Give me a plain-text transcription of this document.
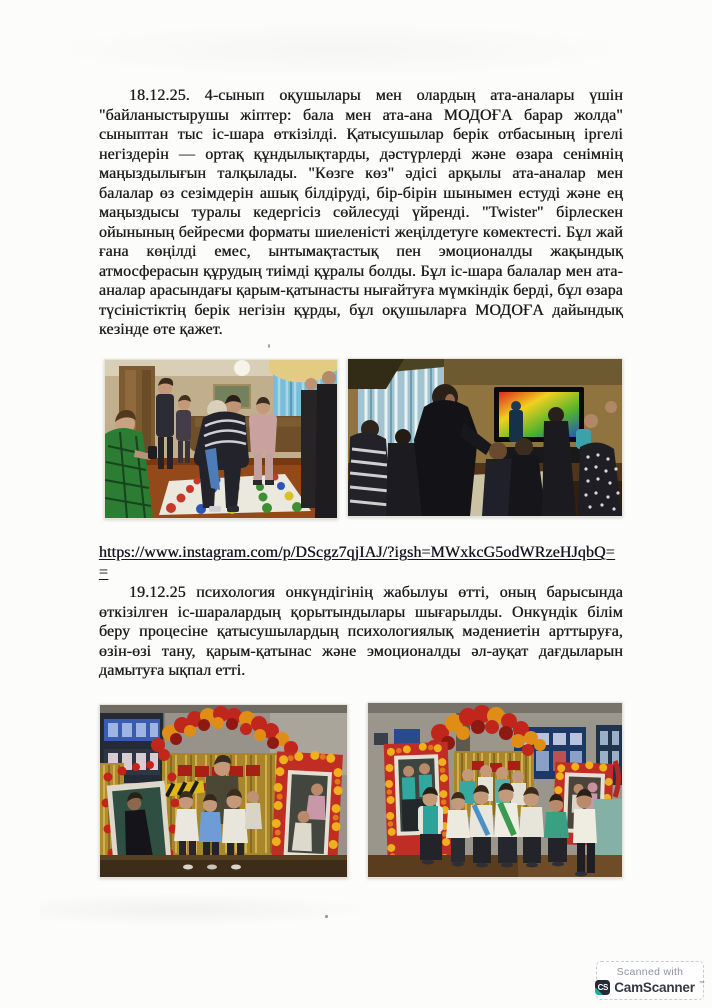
18.12.25. 4-сынып оқушылары мен олардың ата-аналары үшін "байланыстырушы жіптер: бала мен ата-ана МОДОҒА барар жолда" сыныптан тыс іс-шара өткізілді. Қатысушылар берік отбасының іргелі негіздерін — ортақ құндылықтарды, дәстүрлерді және өзара сенімнің маңыздылығын талқылады. "Көзге көз" әдісі арқылы ата-аналар мен балалар өз сезімдерін ашық білдіруді, бір-бірін шынымен естуді және ең маңыздысы туралы кедергісіз сөйлесуді үйренді. "Twister" бірлескен ойынының бейресми форматы шиеленісті жеңілдетуге көмектесті. Бұл жай ғана көңілді емес, ынтымақтастық пен эмоционалды жақындық атмосферасын құрудың тиімді құралы болды. Бұл іс-шара балалар мен ата-аналар арасындағы қарым-қатынасты нығайтуға мүмкіндік берді, бұл өзара түсіністіктің берік негізін құрды, бұл оқушыларға МОДОҒА дайындық кезінде өте қажет.

https://www.instagram.com/p/DScgz7qjIAJ/?igsh=MWxkcG5odWRzeHJqbQ==

19.12.25 психология онкүндігінің жабылуы өтті, оның барысында өткізілген іс-шаралардың қорытындылары шығарылды. Онкүндік білім беру процесіне қатысушылардың психологиялық мәдениетін арттыруға, өзін-өзі тану, қарым-қатынас және эмоционалды әл-ауқат дағдыларын дамытуға ықпал етті.

Scanned with
CS CamScanner ™
